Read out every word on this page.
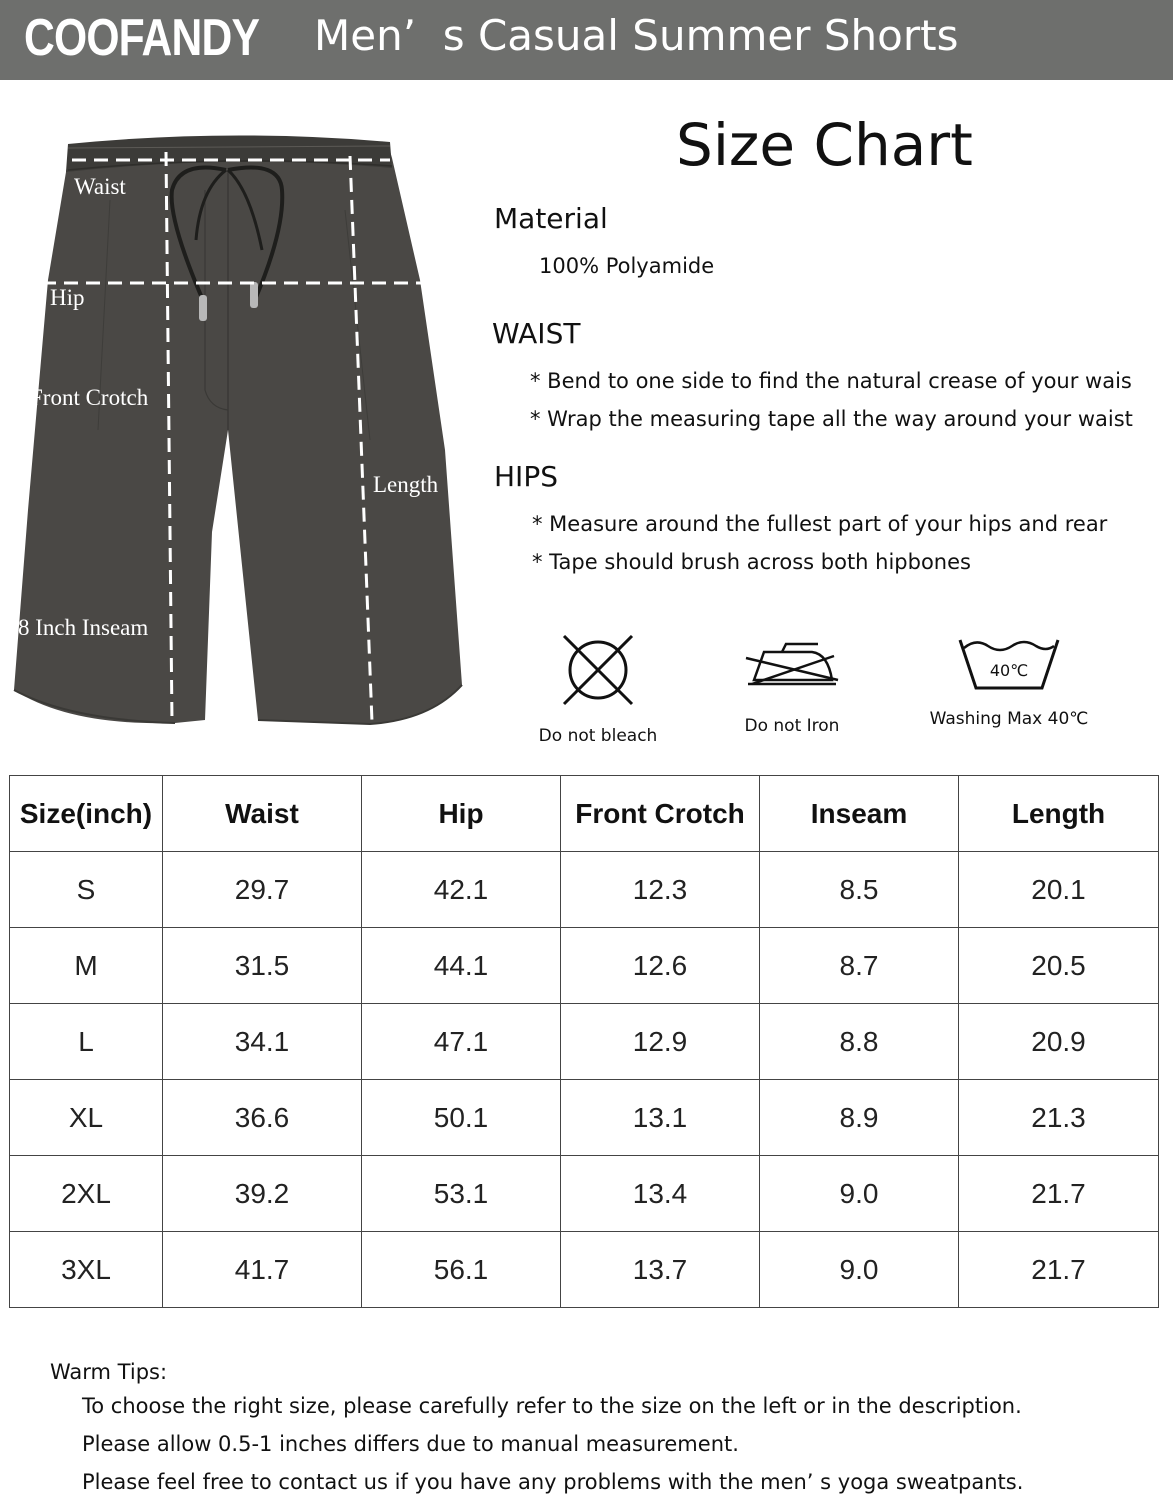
COOFANDY Men’  s Casual Summer Shorts
Waist
Hip
Front Crotch
Length
8 Inch Inseam
Size Chart
Material
100% Polyamide
WAIST
* Bend to one side to find the natural crease of your wais
* Wrap the measuring tape all the way around your waist
HIPS
* Measure around the fullest part of your hips and rear
* Tape should brush across both hipbones
Do not bleach	Do not Iron
40℃
Washing Max 40℃
Size(inch)	Waist	Hip	Front Crotch	Inseam	Length
S	29.7	42.1	12.3	8.5	20.1
M	31.5	44.1	12.6	8.7	20.5
L	34.1	47.1	12.9	8.8	20.9
XL	36.6	50.1	13.1	8.9	21.3
2XL	39.2	53.1	13.4	9.0	21.7
3XL	41.7	56.1	13.7	9.0	21.7
Warm Tips:
To choose the right size, please carefully refer to the size on the left or in the description.
Please allow 0.5-1 inches differs due to manual measurement.
Please feel free to contact us if you have any problems with the men’ s yoga sweatpants.
